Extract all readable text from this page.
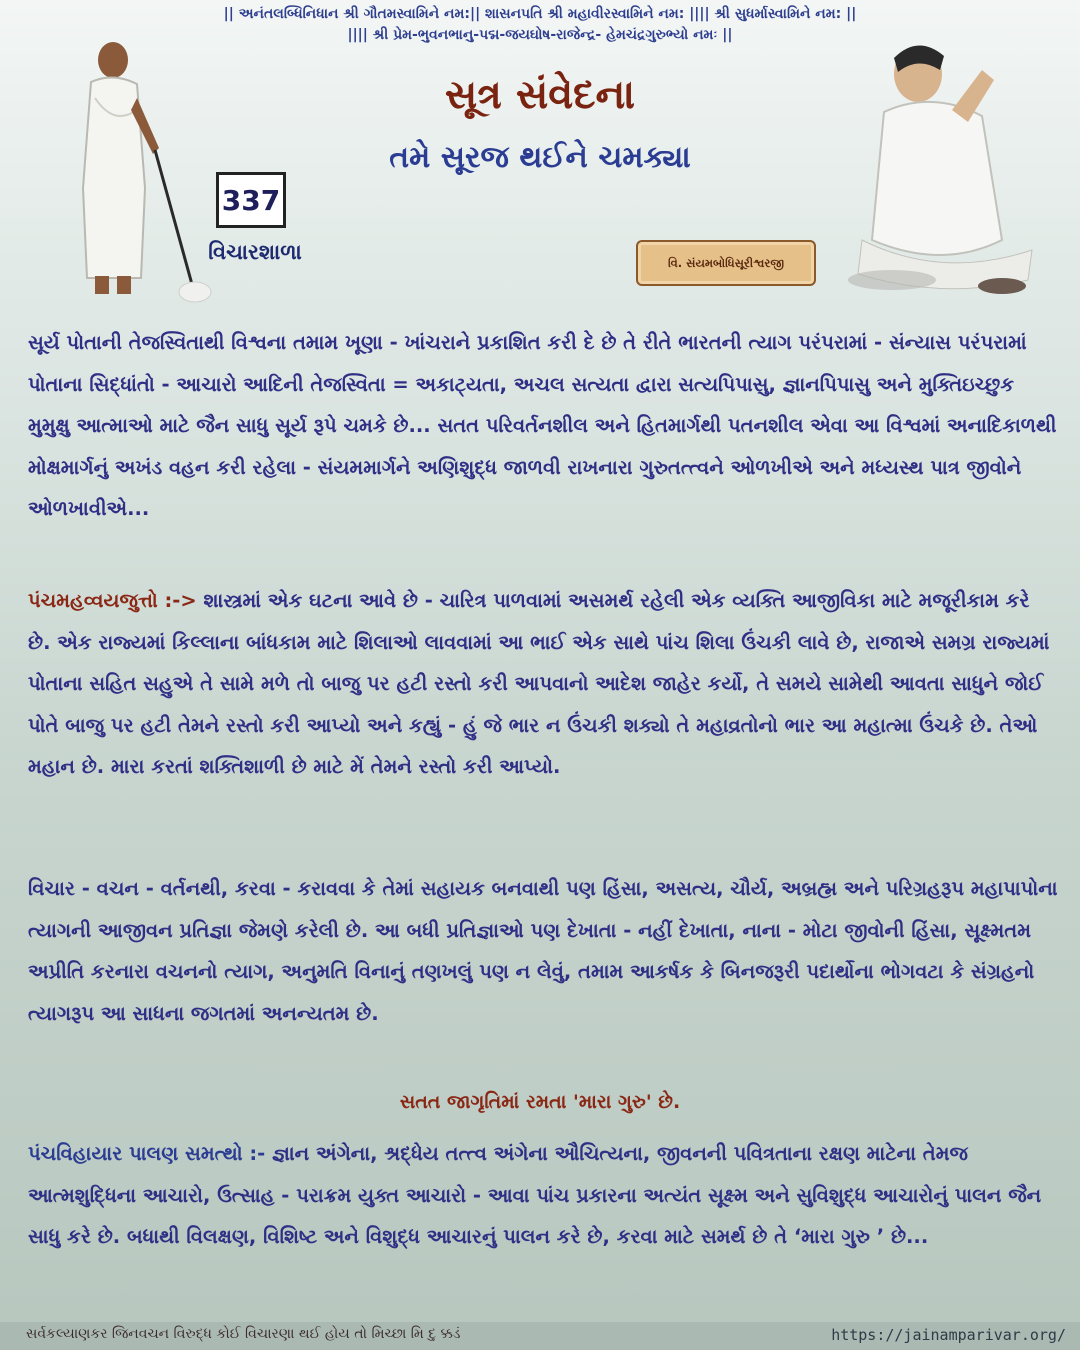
|| અનંતલબ્ધિનિધાન શ્રી ગૌતમસ્વામિને નમ:|| શાસનપતિ શ્રી મહાવીરસ્વામિને નમ: |||| શ્રી સુધર્માસ્વામિને નમ: ||
|||| શ્રી પ્રેમ-ભુવનભાનુ-પદ્મ-જયઘોષ-રાજેન્દ્ર- હેમચંદ્રગુરુભ્યો નમઃ ||
સૂત્ર સંવેદના
તમે સૂરજ થઈને ચમક્યા
337
વિચારશાળા	વિ. સંયમબોધિસૂરીશ્વરજી

સૂર્ય પોતાની તેજસ્વિતાથી વિશ્વના તમામ ખૂણા - ખાંચરાને પ્રકાશિત કરી દે છે તે રીતે ભારતની ત્યાગ પરંપરામાં - સંન્યાસ પરંપરામાં પોતાના સિદ્ધાંતો - આચારો આદિની તેજસ્વિતા = અકાટ્યતા, અચલ સત્યતા દ્વારા સત્યપિપાસુ, જ્ઞાનપિપાસુ અને મુક્તિઇચ્છુક મુમુક્ષુ આત્માઓ માટે જૈન સાધુ સૂર્ય રૂપે ચમકે છે... સતત પરિવર્તનશીલ અને હિતમાર્ગથી પતનશીલ એવા આ વિશ્વમાં અનાદિકાળથી મોક્ષમાર્ગનું અખંડ વહન કરી રહેલા - સંયમમાર્ગને અણિશુદ્ધ જાળવી રાખનારા ગુરુતત્ત્વને ઓળખીએ અને મધ્યસ્થ પાત્ર જીવોને ઓળખાવીએ...

પંચમહવ્વયજુત્તો :-> શાસ્ત્રમાં એક ઘટના આવે છે - ચારિત્ર પાળવામાં અસમર્થ રહેલી એક વ્યક્તિ આજીવિકા માટે મજૂરીકામ કરે છે. એક રાજ્યમાં કિલ્લાના બાંધકામ માટે શિલાઓ લાવવામાં આ ભાઈ એક સાથે પાંચ શિલા ઉંચકી લાવે છે, રાજાએ સમગ્ર રાજ્યમાં પોતાના સહિત સહુએ તે સામે મળે તો બાજુ પર હટી રસ્તો કરી આપવાનો આદેશ જાહેર કર્યો, તે સમયે સામેથી આવતા સાધુને જોઈ પોતે બાજુ પર હટી તેમને રસ્તો કરી આપ્યો અને કહ્યું - હું જે ભાર ન ઉંચકી શક્યો તે મહાવ્રતોનો ભાર આ મહાત્મા ઉંચકે છે. તેઓ મહાન છે. મારા કરતાં શક્તિશાળી છે માટે મેં તેમને રસ્તો કરી આપ્યો.

વિચાર - વચન - વર્તનથી, કરવા - કરાવવા કે તેમાં સહાયક બનવાથી પણ હિંસા, અસત્ય, ચૌર્ય, અબ્રહ્મ અને પરિગ્રહરૂપ મહાપાપોના ત્યાગની આજીવન પ્રતિજ્ઞા જેમણે કરેલી છે. આ બધી પ્રતિજ્ઞાઓ પણ દેખાતા - નહીં દેખાતા, નાના - મોટા જીવોની હિંસા, સૂક્ષ્મતમ અપ્રીતિ કરનારા વચનનો ત્યાગ, અનુમતિ વિનાનું તણખલું પણ ન લેવું, તમામ આકર્ષક કે બિનજરૂરી પદાર્થોના ભોગવટા કે સંગ્રહનો ત્યાગરૂપ આ સાધના જગતમાં અનન્યતમ છે.

સતત જાગૃતિમાં રમતા 'મારા ગુરુ' છે.

પંચવિહાયાર પાલણ સમત્થો :- જ્ઞાન અંગેના, શ્રદ્ધેય તત્ત્વ અંગેના ઔચિત્યના, જીવનની પવિત્રતાના રક્ષણ માટેના તેમજ આત્મશુદ્ધિના આચારો, ઉત્સાહ - પરાક્રમ યુક્ત આચારો - આવા પાંચ પ્રકારના અત્યંત સૂક્ષ્મ અને સુવિશુદ્ધ આચારોનું પાલન જૈન સાધુ કરે છે. બધાથી વિલક્ષણ, વિશિષ્ટ અને વિશુદ્ધ આચારનું પાલન કરે છે, કરવા માટે સમર્થ છે તે ‘મારા ગુરુ ’ છે...

સર્વકલ્યાણકર જિનવચન વિરુદ્ધ કોઈ વિચારણા થઈ હોય તો મિચ્છા મિ દુ ક્કડં	https://jainamparivar.org/
